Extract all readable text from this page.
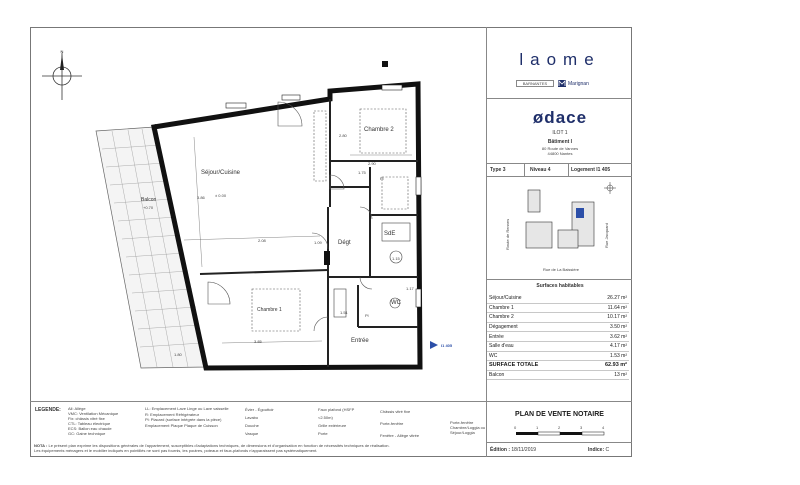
N
Séjour/Cuisine
± 0.00
Chambre 2
Chambre 1
Dégt
SdE
WC
Entrée
Balcon
+0.70
Pl
Pl
I1 405
2.08	1.09
2.90
3.86
3.85
2.80
1.75
1.15
1.51
1.17
1.80
laome
BARNANTES	Marignan
ødace
ILOT 1
Bâtiment I
80 Route de Vannes
44800 Nantes
Type 3	Niveau 4	Logement I1 405
Route de Rennes	Rue Jacquard
Rue de La Baissière
Surfaces habitables
Séjour/Cuisine	26.27 m²
Chambre 1	11.64 m²
Chambre 2	10.17 m²
Dégagement	3.50 m²
Entrée	3.62 m²
Salle d'eau	4.17 m²
WC	1.53 m²
SURFACE TOTALE	62.93 m²
Balcon	13 m²
LEGENDE: All: Allège
VMC: Ventilation Mécanique
Fix: châssis vitré fixe
CTL: Tableau électrique
ECS: Ballon eau chaude
GC: Gaine technique
LL: Emplacement Lave Linge ou Lave vaisselle
R: Emplacement Réfrigérateur
Pl: Placard (surface intégrée dans la pièce)
Emplacement Plaque Plaque de Cuisson
Évier - Égouttoir
Lavabo
Douche
Vasque
Faux plafond (HSFP <2.50m)
Grille extérieure
Porte
Châssis vitré fixe
Porte-fenêtre
Fenêtre - Allège vitrée
Porte-fenêtre Chambre/Loggia ou Séjour/Loggia
NOTA : Le présent plan exprime les dispositions générales de l'appartement, susceptibles d'adaptations techniques, de dimensions et d'organisation en fonction de nécessités techniques de réalisation.
Les équipements ménagers et le mobilier indiqués en pointillés ne sont pas fournis, les poutres, poteaux et faux-plafonds n'apparaissent pas systématiquement.
PLAN DE VENTE NOTAIRE
0	1	2	3	4
Édition : 18/11/2019	Indice: C
